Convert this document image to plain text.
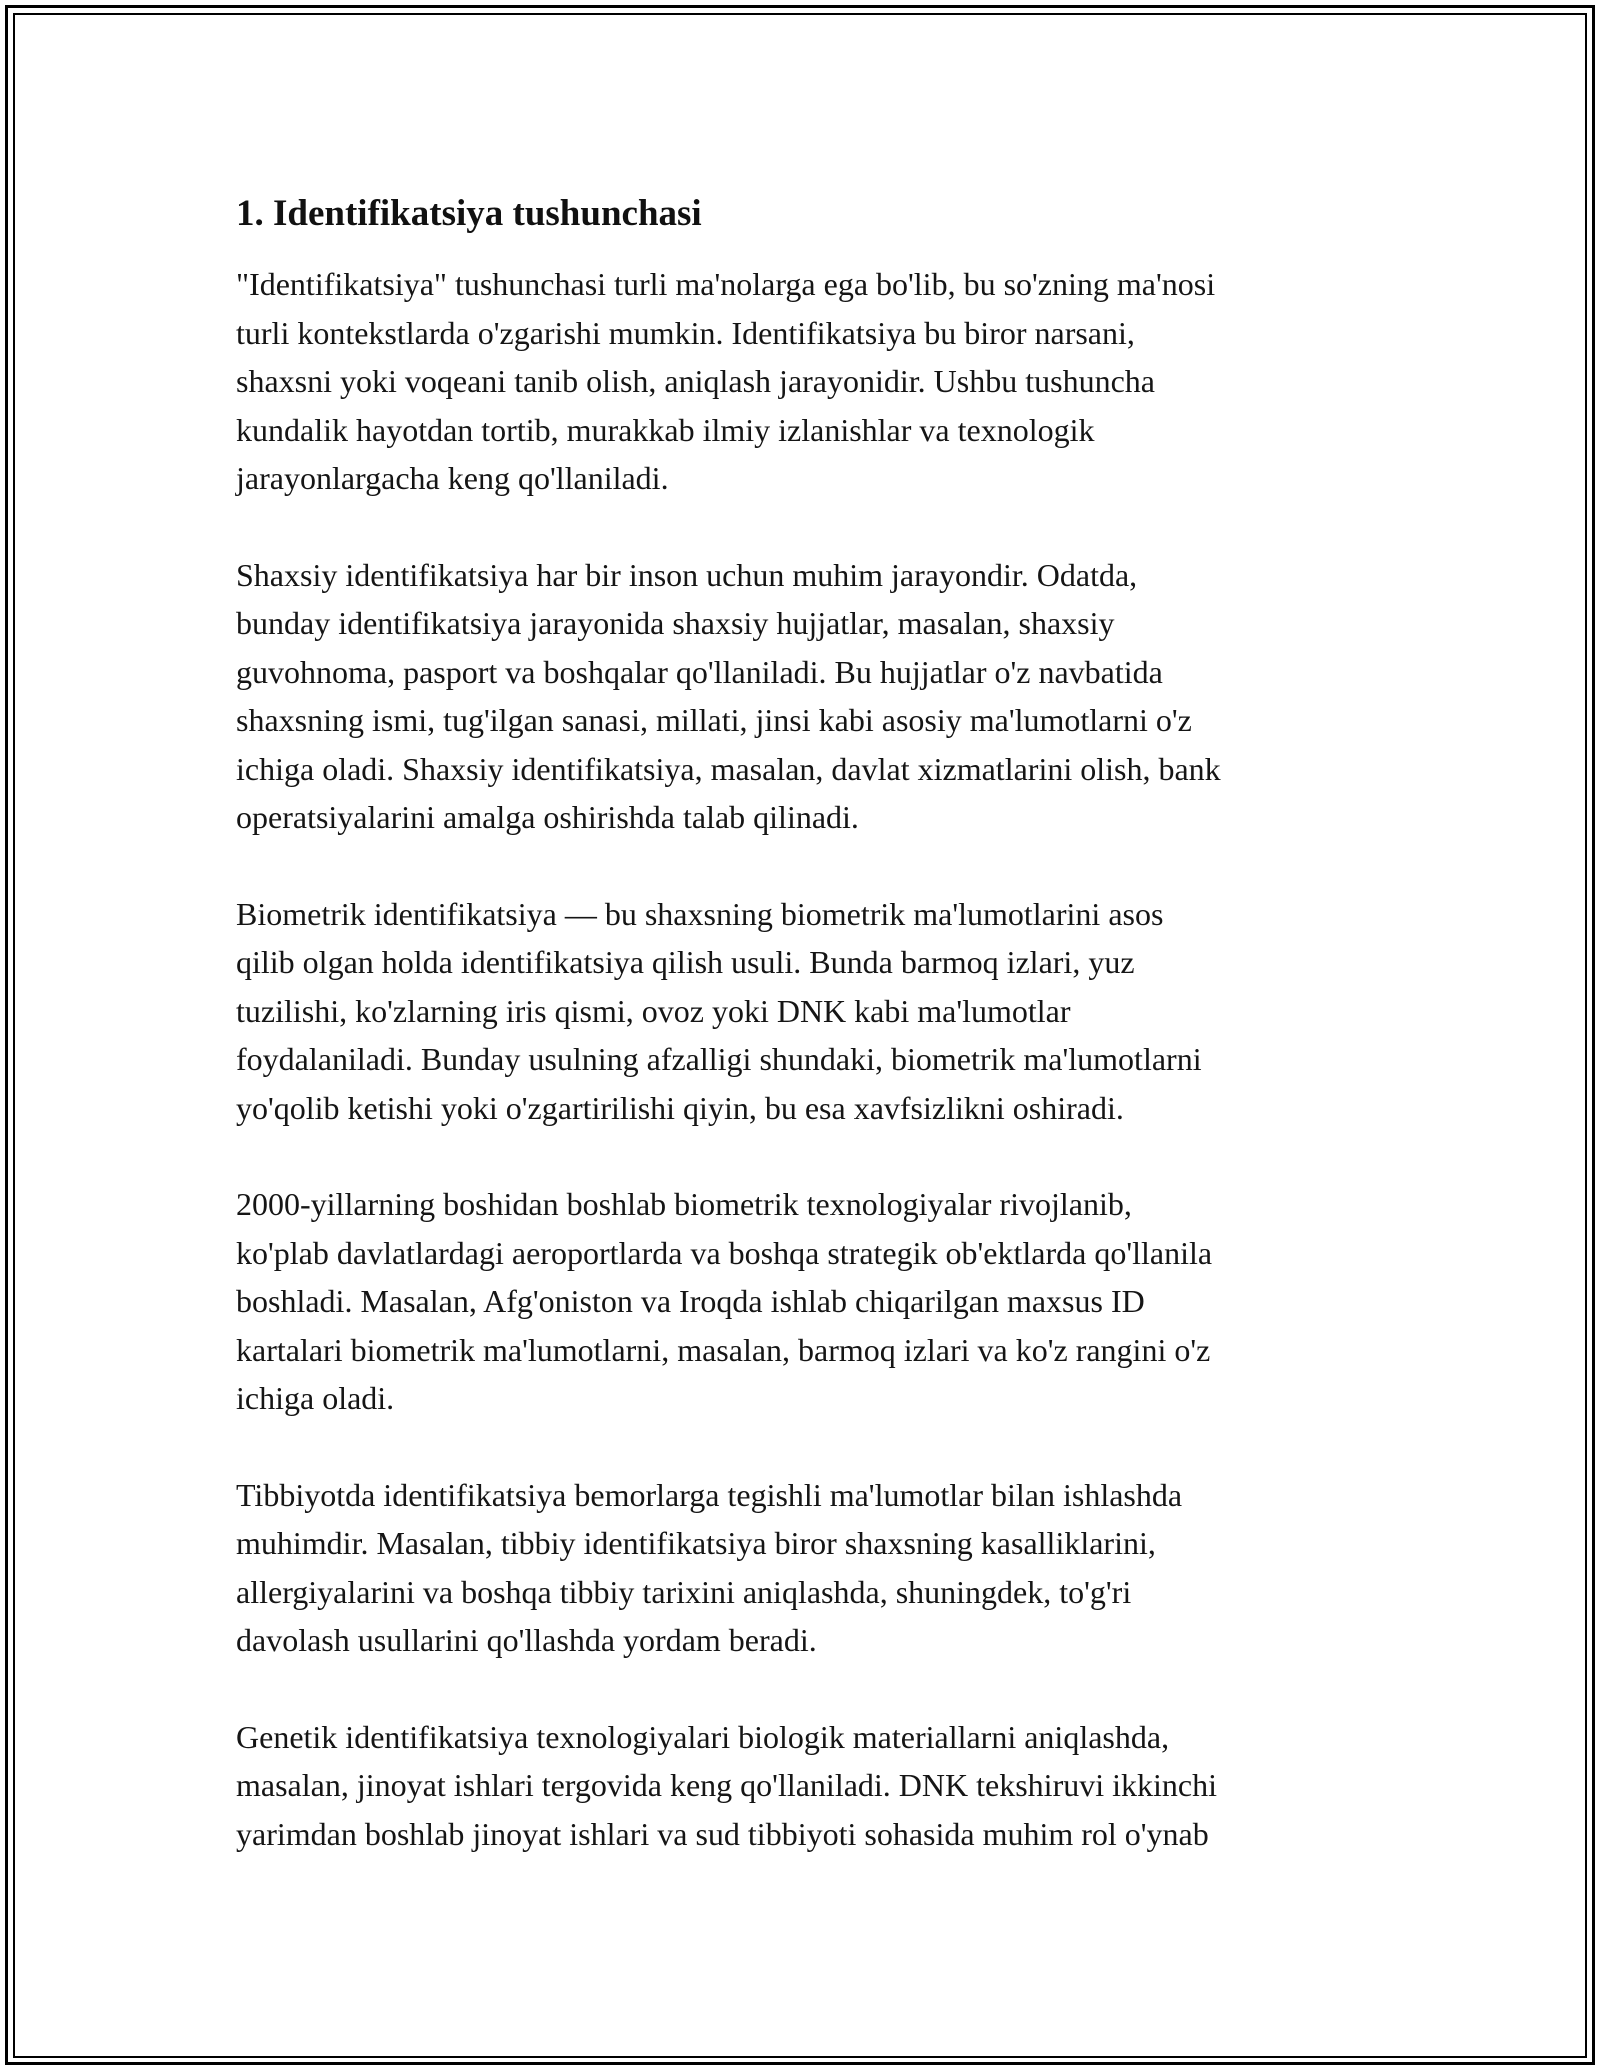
1. Identifikatsiya tushunchasi

"Identifikatsiya" tushunchasi turli ma'nolarga ega bo'lib, bu so'zning ma'nosi
turli kontekstlarda o'zgarishi mumkin. Identifikatsiya bu biror narsani,
shaxsni yoki voqeani tanib olish, aniqlash jarayonidir. Ushbu tushuncha
kundalik hayotdan tortib, murakkab ilmiy izlanishlar va texnologik
jarayonlargacha keng qo'llaniladi.

Shaxsiy identifikatsiya har bir inson uchun muhim jarayondir. Odatda,
bunday identifikatsiya jarayonida shaxsiy hujjatlar, masalan, shaxsiy
guvohnoma, pasport va boshqalar qo'llaniladi. Bu hujjatlar o'z navbatida
shaxsning ismi, tug'ilgan sanasi, millati, jinsi kabi asosiy ma'lumotlarni o'z
ichiga oladi. Shaxsiy identifikatsiya, masalan, davlat xizmatlarini olish, bank
operatsiyalarini amalga oshirishda talab qilinadi.

Biometrik identifikatsiya — bu shaxsning biometrik ma'lumotlarini asos
qilib olgan holda identifikatsiya qilish usuli. Bunda barmoq izlari, yuz
tuzilishi, ko'zlarning iris qismi, ovoz yoki DNK kabi ma'lumotlar
foydalaniladi. Bunday usulning afzalligi shundaki, biometrik ma'lumotlarni
yo'qolib ketishi yoki o'zgartirilishi qiyin, bu esa xavfsizlikni oshiradi.

2000-yillarning boshidan boshlab biometrik texnologiyalar rivojlanib,
ko'plab davlatlardagi aeroportlarda va boshqa strategik ob'ektlarda qo'llanila
boshladi. Masalan, Afg'oniston va Iroqda ishlab chiqarilgan maxsus ID
kartalari biometrik ma'lumotlarni, masalan, barmoq izlari va ko'z rangini o'z
ichiga oladi.

Tibbiyotda identifikatsiya bemorlarga tegishli ma'lumotlar bilan ishlashda
muhimdir. Masalan, tibbiy identifikatsiya biror shaxsning kasalliklarini,
allergiyalarini va boshqa tibbiy tarixini aniqlashda, shuningdek, to'g'ri
davolash usullarini qo'llashda yordam beradi.

Genetik identifikatsiya texnologiyalari biologik materiallarni aniqlashda,
masalan, jinoyat ishlari tergovida keng qo'llaniladi. DNK tekshiruvi ikkinchi
yarimdan boshlab jinoyat ishlari va sud tibbiyoti sohasida muhim rol o'ynab
